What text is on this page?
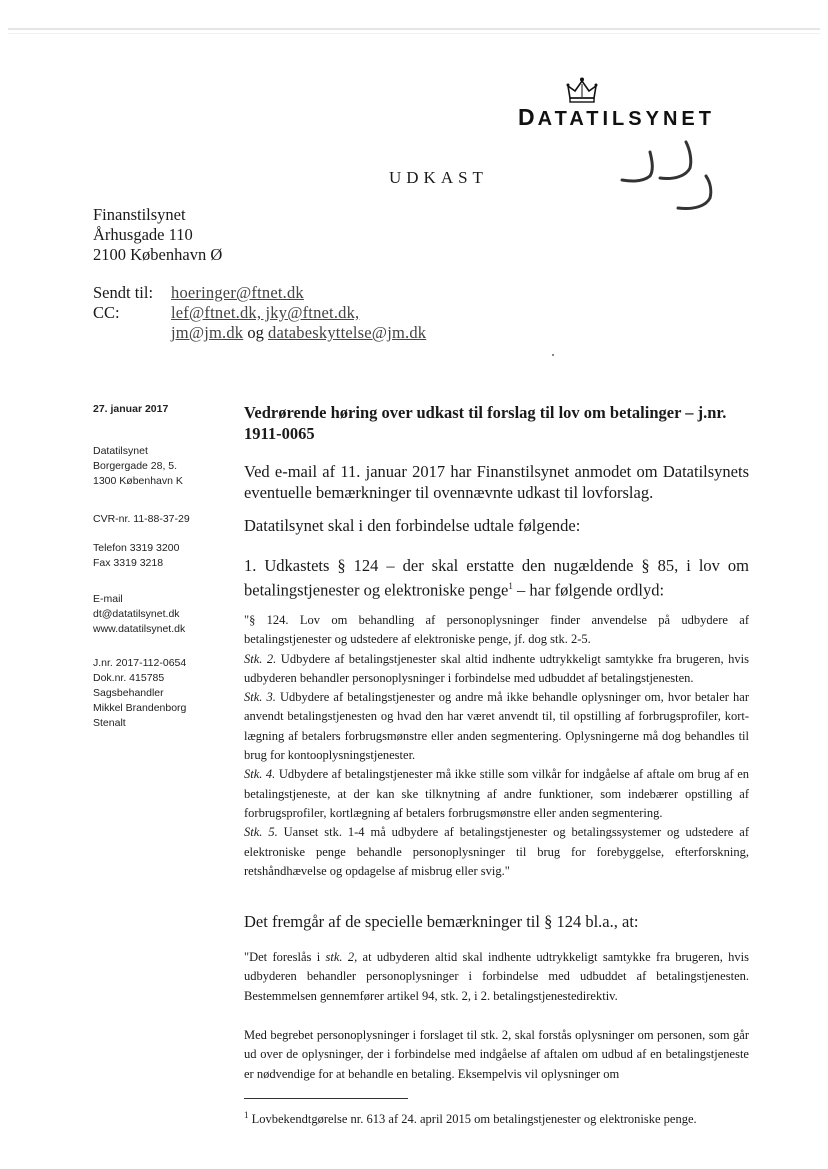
DATATILSYNET
UDKAST
Finanstilsynet
Århusgade 110
2100 København Ø
Sendt til: hoeringer@ftnet.dk
CC:	lef@ftnet.dk, jky@ftnet.dk,
jm@jm.dk og databeskyttelse@jm.dk
27. januar 2017
Datatilsynet
Borgergade 28, 5.
1300 København K
CVR-nr. 11-88-37-29
Telefon 3319 3200
Fax 3319 3218
E-mail
dt@datatilsynet.dk
www.datatilsynet.dk
J.nr. 2017-112-0654
Dok.nr. 415785
Sagsbehandler
Mikkel Brandenborg
Stenalt
Vedrørende høring over udkast til forslag til lov om betalinger – j.nr. 1911-0065
Ved e-mail af 11. januar 2017 har Finanstilsynet anmodet om Datatilsynets eventuelle bemærkninger til ovennævnte udkast til lovforslag.
Datatilsynet skal i den forbindelse udtale følgende:
1. Udkastets § 124 – der skal erstatte den nugældende § 85, i lov om betalingstjenester og elektroniske penge$^1$ – har følgende ordlyd:
"§ 124. Lov om behandling af personoplysninger finder anvendelse på udbydere af betalingstjenester og udstedere af elektroniske penge, jf. dog stk. 2-5.
Stk. 2. Udbydere af betalingstjenester skal altid indhente udtrykkeligt samtykke fra brugeren, hvis udbyderen behandler personoplysninger i forbindelse med udbuddet af betalingstjenesten.
Stk. 3. Udbydere af betalingstjenester og andre må ikke behandle oplysninger om, hvor betaler har anvendt betalingstjenesten og hvad den har været anvendt til, til opstilling af forbrugsprofiler, kort-lægning af betalers forbrugsmønstre eller anden segmentering. Oplysningerne må dog behandles til brug for kontooplysningstjenester.
Stk. 4. Udbydere af betalingstjenester må ikke stille som vilkår for indgåelse af aftale om brug af en betalingstjeneste, at der kan ske tilknytning af andre funktioner, som indebærer opstilling af forbrugsprofiler, kortlægning af betalers forbrugsmønstre eller anden segmentering.
Stk. 5. Uanset stk. 1-4 må udbydere af betalingstjenester og betalingssystemer og udstedere af elektroniske penge behandle personoplysninger til brug for forebyggelse, efterforskning, retshåndhævelse og opdagelse af misbrug eller svig."
Det fremgår af de specielle bemærkninger til § 124 bl.a., at:
"Det foreslås i stk. 2, at udbyderen altid skal indhente udtrykkeligt samtykke fra brugeren, hvis udbyderen behandler personoplysninger i forbindelse med udbuddet af betalingstjenesten. Bestemmelsen gennemfører artikel 94, stk. 2, i 2. betalingstjenestedirektiv.
Med begrebet personoplysninger i forslaget til stk. 2, skal forstås oplysninger om personen, som går ud over de oplysninger, der i forbindelse med indgåelse af aftalen om udbud af en betalingstjeneste er nødvendige for at behandle en betaling. Eksempelvis vil oplysninger om
$^1$ Lovbekendtgørelse nr. 613 af 24. april 2015 om betalingstjenester og elektroniske penge.
